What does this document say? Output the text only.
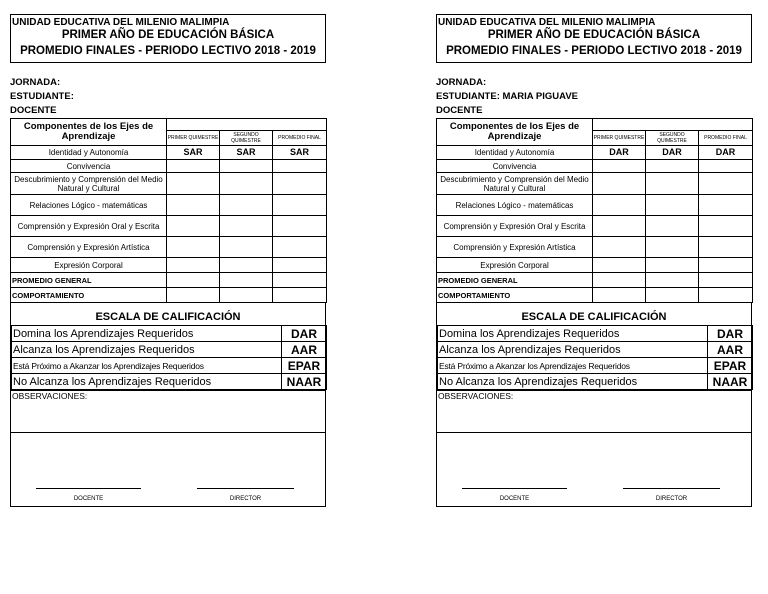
UNIDAD EDUCATIVA DEL MILENIO MALIMPIA
PRIMER AÑO DE EDUCACIÓN BÁSICA
PROMEDIO FINALES - PERIODO LECTIVO 2018 - 2019
JORNADA:
ESTUDIANTE:
DOCENTE
Componentes de los Ejes de Aprendizaje			
	PRIMER QUIMESTRE	SEGUNDO QUIMESTRE	PROMEDIO FINAL
Identidad y Autonomía	SAR	SAR	SAR
Convivencia			
Descubrimiento y Comprensión del Medio Natural y Cultural			
Relaciones Lógico - matemáticas			
Comprensión y Expresión Oral y Escrita			
Comprensión y Expresión Artística			
Expresión Corporal			
PROMEDIO GENERAL			
COMPORTAMIENTO			
ESCALA DE CALIFICACIÓN
Domina los Aprendizajes Requeridos	DAR
Alcanza los Aprendizajes Requeridos	AAR
Está Próximo a Akanzar los Aprendizajes Requeridos	EPAR
No Alcanza los Aprendizajes Requeridos	NAAR
OBSERVACIONES:
DOCENTE	DIRECTOR
UNIDAD EDUCATIVA DEL MILENIO MALIMPIA
PRIMER AÑO DE EDUCACIÓN BÁSICA
PROMEDIO FINALES - PERIODO LECTIVO 2018 - 2019
JORNADA:
ESTUDIANTE: MARIA PIGUAVE
DOCENTE
Componentes de los Ejes de Aprendizaje			
	PRIMER QUIMESTRE	SEGUNDO QUIMESTRE	PROMEDIO FINAL
Identidad y Autonomía	DAR	DAR	DAR
Convivencia			
Descubrimiento y Comprensión del Medio Natural y Cultural			
Relaciones Lógico - matemáticas			
Comprensión y Expresión Oral y Escrita			
Comprensión y Expresión Artística			
Expresión Corporal			
PROMEDIO GENERAL			
COMPORTAMIENTO			
ESCALA DE CALIFICACIÓN
Domina los Aprendizajes Requeridos	DAR
Alcanza los Aprendizajes Requeridos	AAR
Está Próximo a Akanzar los Aprendizajes Requeridos	EPAR
No Alcanza los Aprendizajes Requeridos	NAAR
OBSERVACIONES:
DOCENTE	DIRECTOR
